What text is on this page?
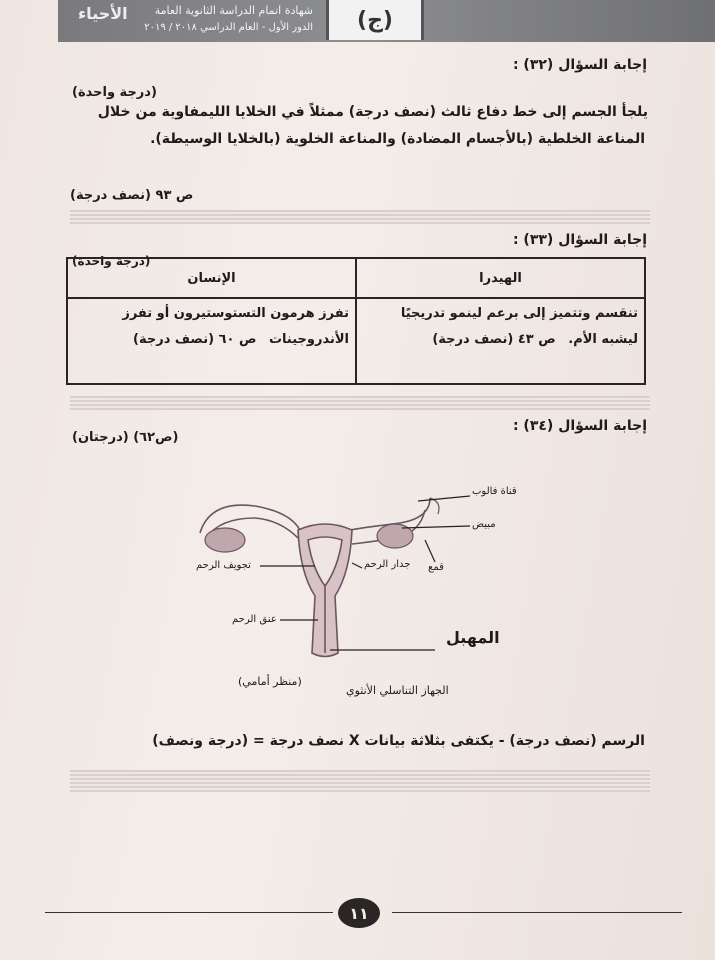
شهادة اتمام الدراسة الثانوية العامة
الدور الأول - العام الدراسي ٢٠١٨ / ٢٠١٩	(ج)
الأحياء
إجابة السؤال (٣٢) :
(درجة واحدة)
يلجأ الجسم إلى خط دفاع ثالث (نصف درجة) ممثلاً في الخلايا الليمفاوية من خلال
المناعة الخلطية (بالأجسام المضادة) والمناعة الخلوية (بالخلايا الوسيطة).
ص ٩٣ (نصف درجة)
إجابة السؤال (٣٣) :
(درجة واحدة)
الهيدرا	الإنسان
تنقسم وتتميز إلى برعم لينمو تدريجيًا ليشبه الأم. ص ٤٣ (نصف درجة)	تفرز هرمون التستوستيرون أو تفرز الأندروجينات ص ٦٠ (نصف درجة)
إجابة السؤال (٣٤) :
(ص٦٢) (درجتان)
قناة فالوب
مبيض
قمع
جدار الرحم
تجويف الرحم
عنق الرحم
المهبل
(منظر أمامي)
الجهاز التناسلي الأنثوي
الرسم (نصف درجة) - يكتفى بثلاثة بيانات X نصف درجة = (درجة ونصف)
١١
